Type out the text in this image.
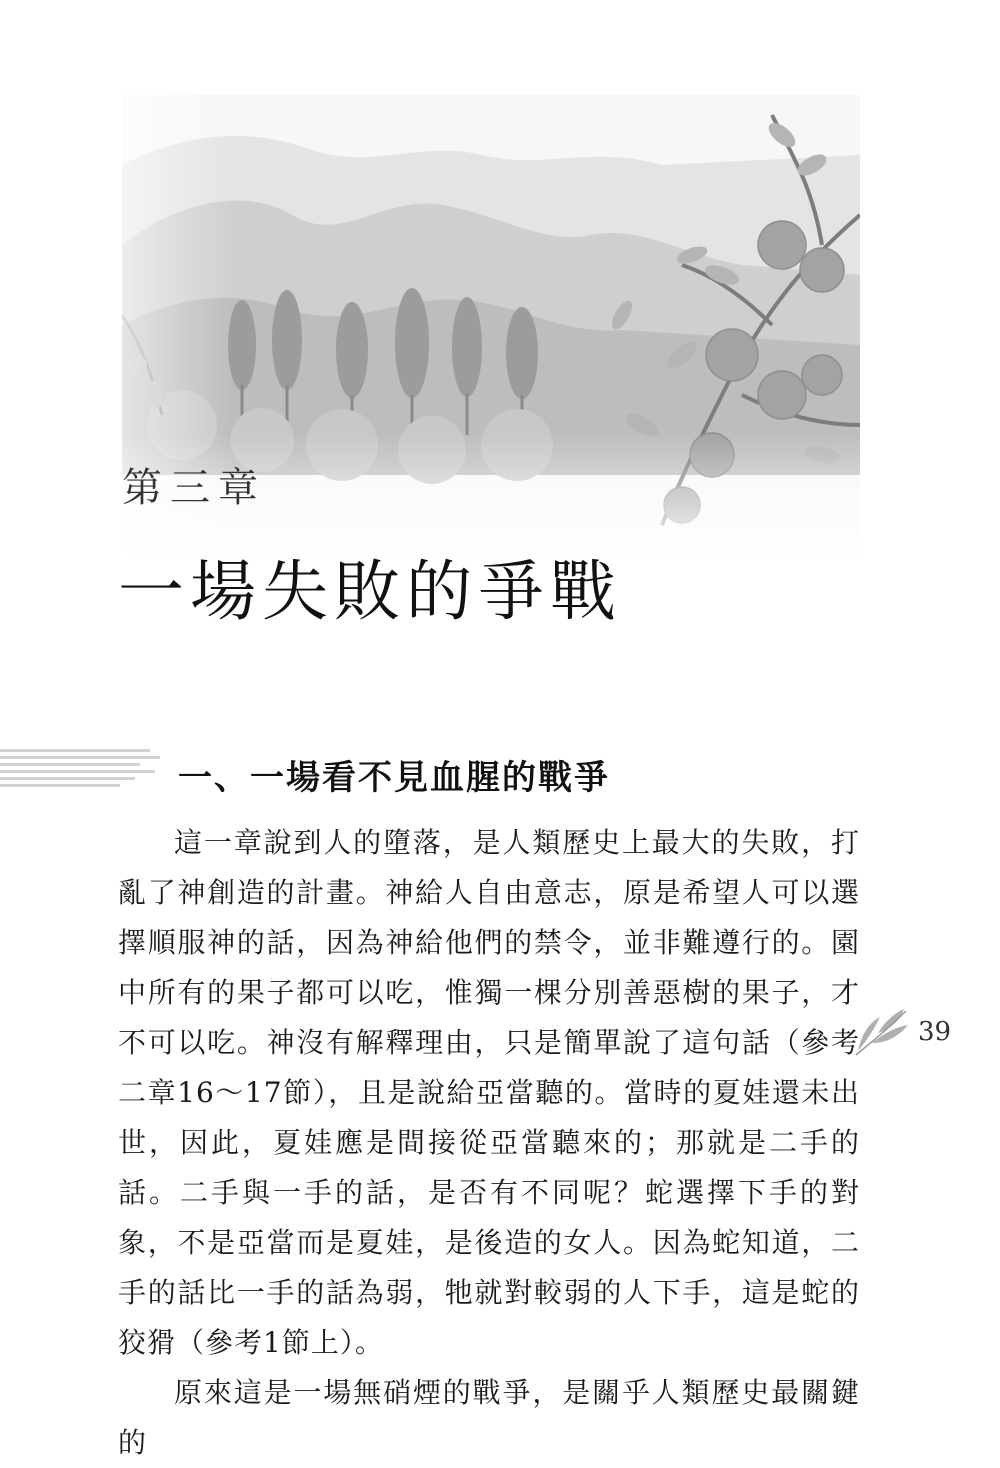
第三章
一場失敗的爭戰
一、一場看不見血腥的戰爭

這一章說到人的墮落，是人類歷史上最大的失敗，打亂了神創造的計畫。神給人自由意志，原是希望人可以選擇順服神的話，因為神給他們的禁令，並非難遵行的。園中所有的果子都可以吃，惟獨一棵分別善惡樹的果子，才不可以吃。神沒有解釋理由，只是簡單說了這句話（參考二章16～17節），且是說給亞當聽的。當時的夏娃還未出世，因此，夏娃應是間接從亞當聽來的；那就是二手的話。二手與一手的話，是否有不同呢？蛇選擇下手的對象，不是亞當而是夏娃，是後造的女人。因為蛇知道，二手的話比一手的話為弱，牠就對較弱的人下手，這是蛇的狡猾（參考1節上）。

原來這是一場無硝煙的戰爭，是關乎人類歷史最關鍵的

39
